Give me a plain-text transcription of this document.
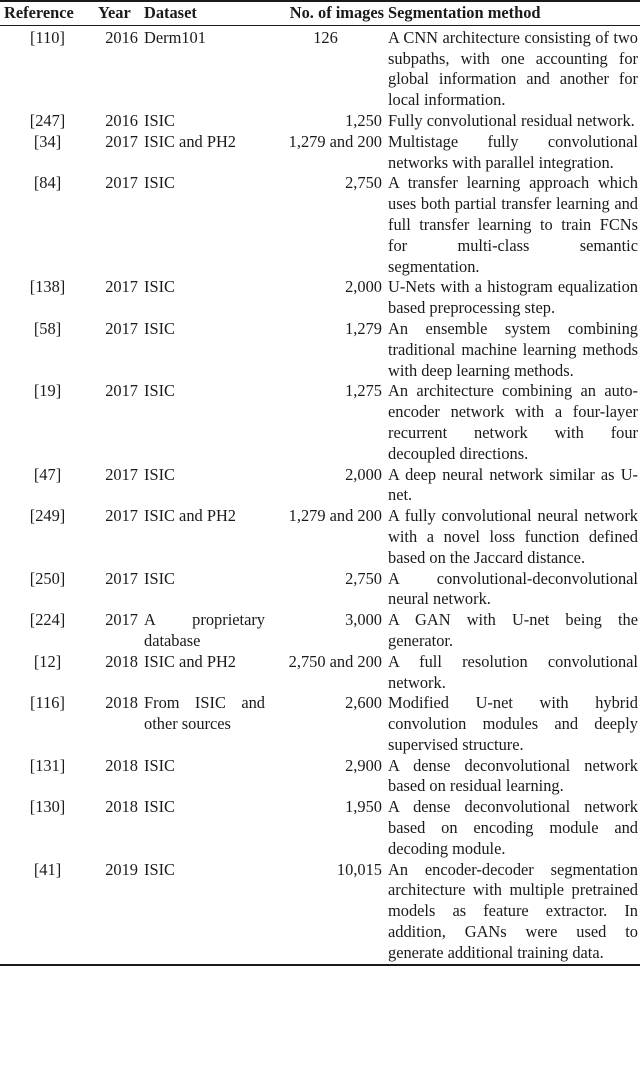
Reference	Year	Dataset	No. of images	Segmentation method
[110]	2016	Derm101	126	A CNN architecture consisting of two subpaths, with one accounting for global information and another for local information.
[247]	2016	ISIC	1,250	Fully convolutional residual network.
[34]	2017	ISIC and PH2	1,279 and 200	Multistage fully convolutional networks with parallel integration.
[84]	2017	ISIC	2,750	A transfer learning approach which uses both partial transfer learning and full transfer learning to train FCNs for multi-class semantic segmentation.
[138]	2017	ISIC	2,000	U-Nets with a histogram equalization based preprocessing step.
[58]	2017	ISIC	1,279	An ensemble system combining traditional machine learning methods with deep learning methods.
[19]	2017	ISIC	1,275	An architecture combining an auto-encoder network with a four-layer recurrent network with four decoupled directions.
[47]	2017	ISIC	2,000	A deep neural network similar as U-net.
[249]	2017	ISIC and PH2	1,279 and 200	A fully convolutional neural network with a novel loss function defined based on the Jaccard distance.
[250]	2017	ISIC	2,750	A convolutional-deconvolutional neural network.
[224]	2017	A proprietary database	3,000	A GAN with U-net being the generator.
[12]	2018	ISIC and PH2	2,750 and 200	A full resolution convolutional network.
[116]	2018	From ISIC and other sources	2,600	Modified U-net with hybrid convolution modules and deeply supervised structure.
[131]	2018	ISIC	2,900	A dense deconvolutional network based on residual learning.
[130]	2018	ISIC	1,950	A dense deconvolutional network based on encoding module and decoding module.
[41]	2019	ISIC	10,015	An encoder-decoder segmentation architecture with multiple pretrained models as feature extractor. In addition, GANs were used to generate additional training data.
